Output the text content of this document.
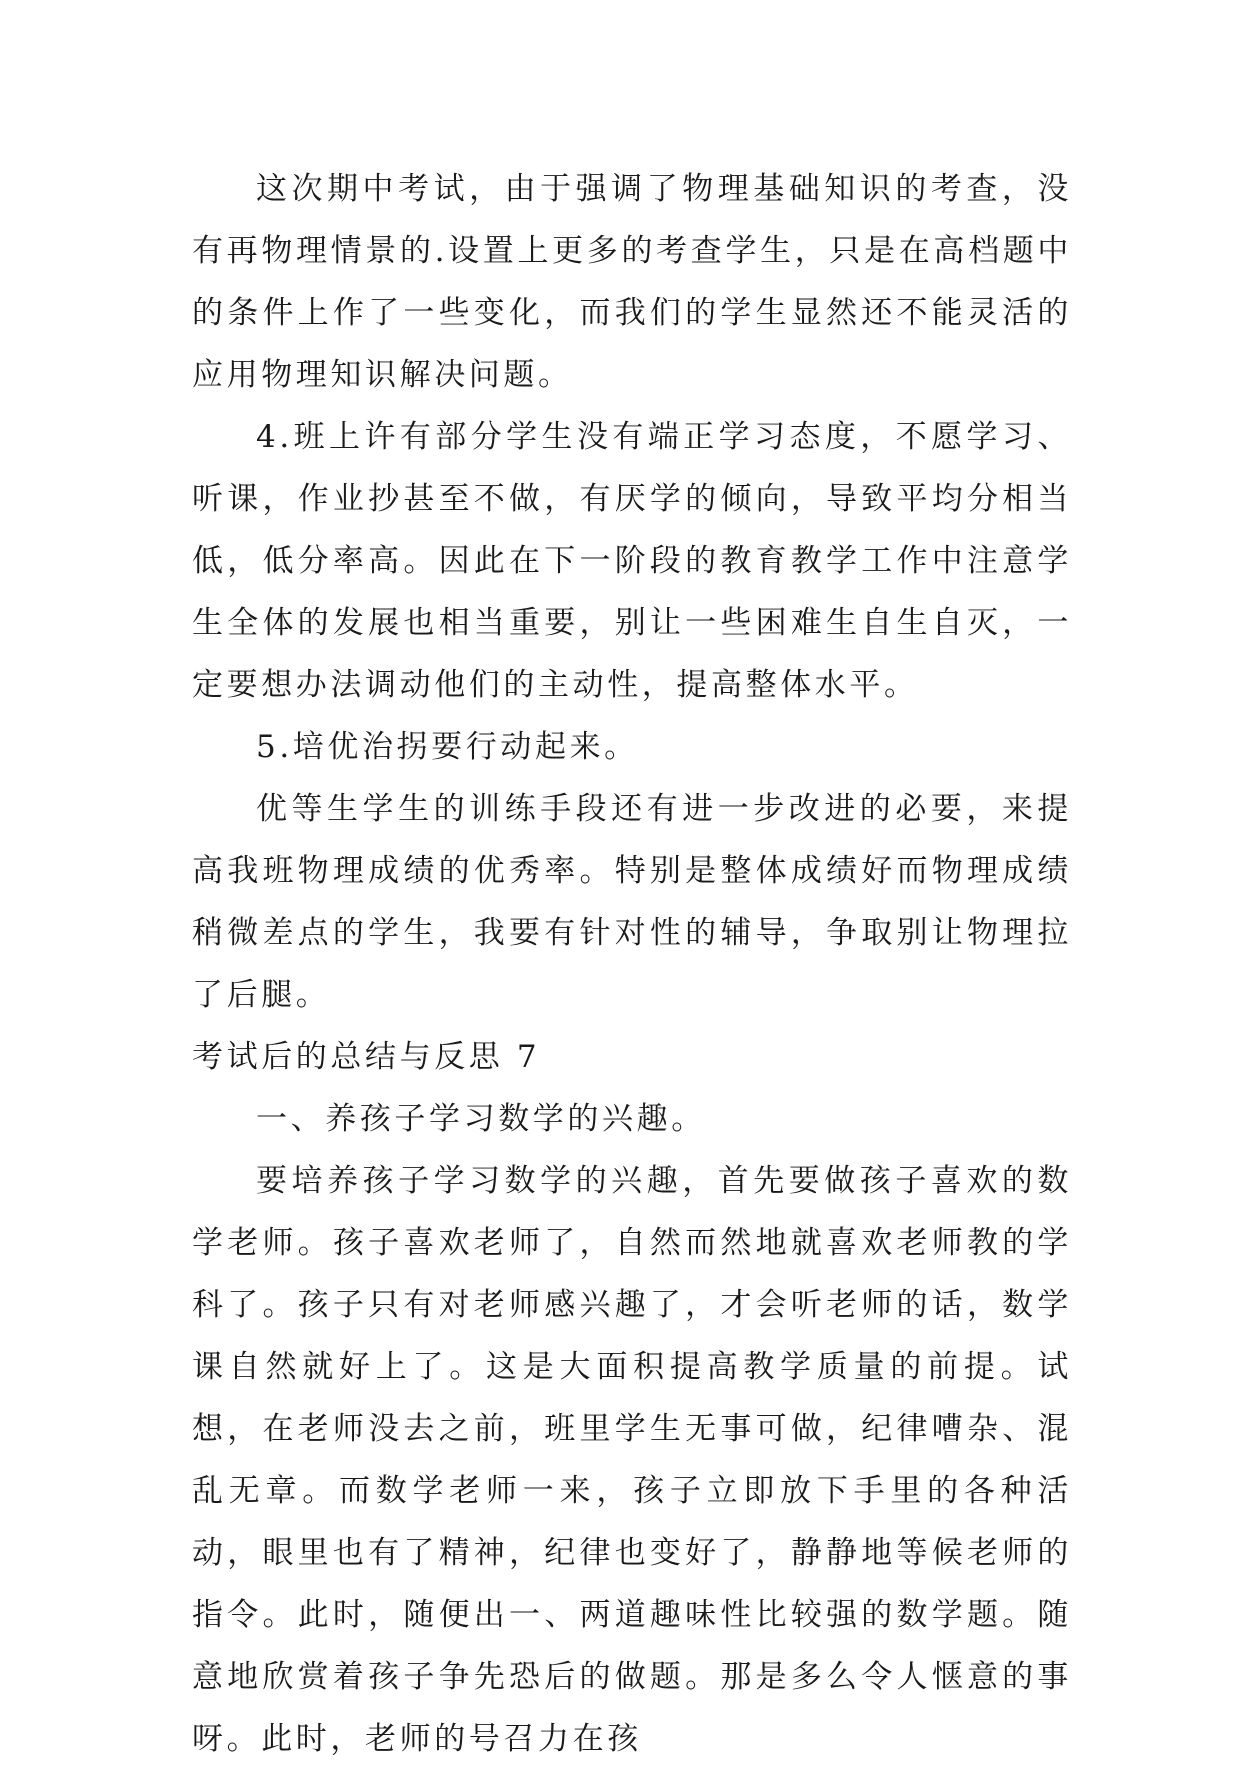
这次期中考试，由于强调了物理基础知识的考查，没有再物理情景的.设置上更多的考查学生，只是在高档题中的条件上作了一些变化，而我们的学生显然还不能灵活的应用物理知识解决问题。

4.班上许有部分学生没有端正学习态度，不愿学习、听课，作业抄甚至不做，有厌学的倾向，导致平均分相当低，低分率高。因此在下一阶段的教育教学工作中注意学生全体的发展也相当重要，别让一些困难生自生自灭，一定要想办法调动他们的主动性，提高整体水平。

5.培优治拐要行动起来。

优等生学生的训练手段还有进一步改进的必要，来提高我班物理成绩的优秀率。特别是整体成绩好而物理成绩稍微差点的学生，我要有针对性的辅导，争取别让物理拉了后腿。

考试后的总结与反思 7

一、养孩子学习数学的兴趣。

要培养孩子学习数学的兴趣，首先要做孩子喜欢的数学老师。孩子喜欢老师了，自然而然地就喜欢老师教的学科了。孩子只有对老师感兴趣了，才会听老师的话，数学课自然就好上了。这是大面积提高教学质量的前提。试想，在老师没去之前，班里学生无事可做，纪律嘈杂、混乱无章。而数学老师一来，孩子立即放下手里的各种活动，眼里也有了精神，纪律也变好了，静静地等候老师的指令。此时，随便出一、两道趣味性比较强的数学题。随意地欣赏着孩子争先恐后的做题。那是多么令人惬意的事呀。此时，老师的号召力在孩
